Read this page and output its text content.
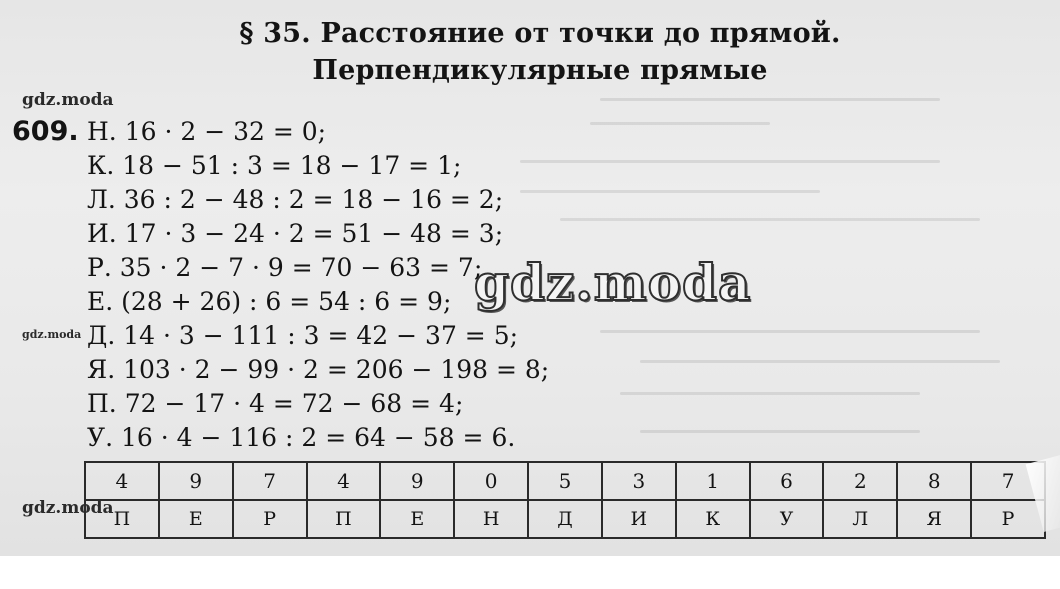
§ 35. Расстояние от точки до прямой.
Перпендикулярные прямые
gdz.moda
gdz.moda
gdz.moda
609. Н. 16 · 2 − 32 = 0;
К. 18 − 51 : 3 = 18 − 17 = 1;
Л. 36 : 2 − 48 : 2 = 18 − 16 = 2;
И. 17 · 3 − 24 · 2 = 51 − 48 = 3;
Р. 35 · 2 − 7 · 9 = 70 − 63 = 7;
Е. (28 + 26) : 6 = 54 : 6 = 9;
Д. 14 · 3 − 111 : 3 = 42 − 37 = 5;
Я. 103 · 2 − 99 · 2 = 206 − 198 = 8;
П. 72 − 17 · 4 = 72 − 68 = 4;
У. 16 · 4 − 116 : 2 = 64 − 58 = 6.
gdz.moda
4	9	7	4	9	0	5	3	1	6	2	8	7
П	Е	Р	П	Е	Н	Д	И	К	У	Л	Я	Р
